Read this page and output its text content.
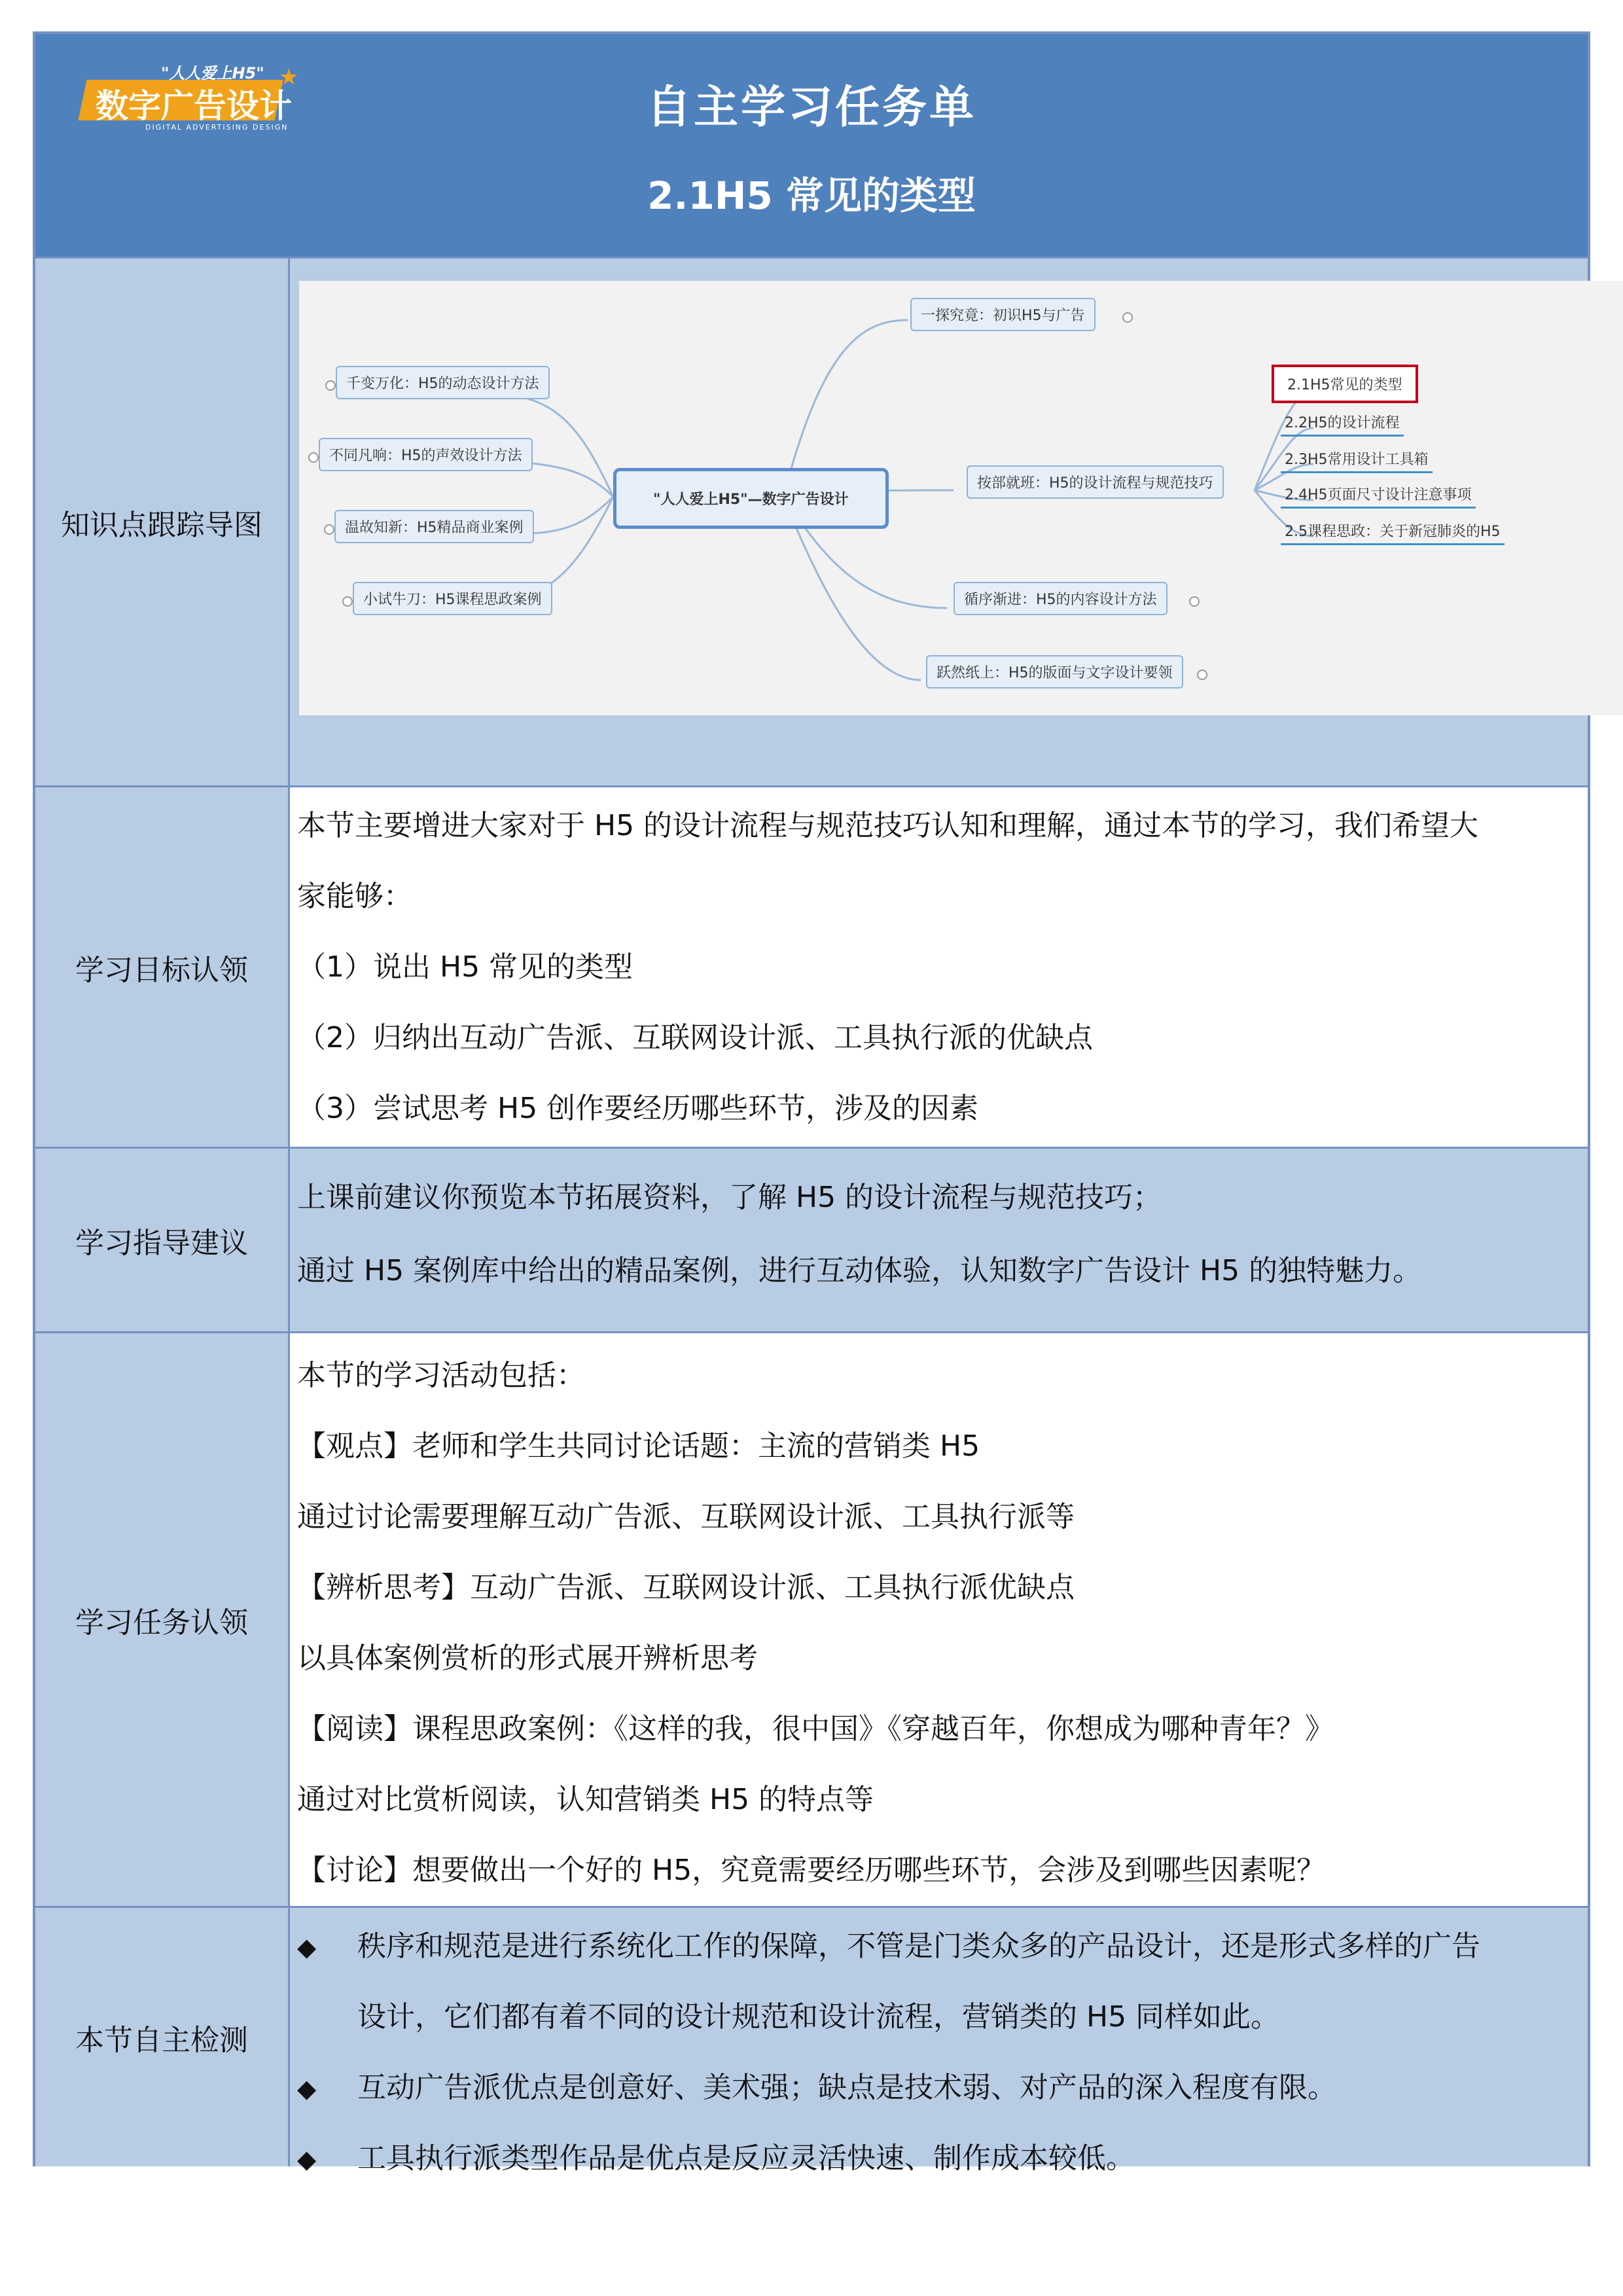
"人人爱上H5"
数字广告设计
DIGITAL ADVERTISING DESIGN
★
自主学习任务单
2.1H5 常见的类型
知识点跟踪导图
"人人爱上H5"—数字广告设计
千变万化：H5的动态设计方法
不同凡响：H5的声效设计方法
温故知新：H5精品商业案例
小试牛刀：H5课程思政案例
一探究竟：初识H5与广告
按部就班：H5的设计流程与规范技巧
循序渐进：H5的内容设计方法
跃然纸上：H5的版面与文字设计要领
2.1H5常见的类型
2.2H5的设计流程
2.3H5常用设计工具箱
2.4H5页面尺寸设计注意事项
2.5课程思政：关于新冠肺炎的H5
学习目标认领
本节主要增进大家对于 H5 的设计流程与规范技巧认知和理解，通过本节的学习，我们希望大
家能够：
（1）说出 H5 常见的类型
（2）归纳出互动广告派、互联网设计派、工具执行派的优缺点
（3）尝试思考 H5 创作要经历哪些环节，涉及的因素
学习指导建议
上课前建议你预览本节拓展资料，了解 H5 的设计流程与规范技巧；
通过 H5 案例库中给出的精品案例，进行互动体验，认知数字广告设计 H5 的独特魅力。
学习任务认领
本节的学习活动包括：
【观点】老师和学生共同讨论话题：主流的营销类 H5
通过讨论需要理解互动广告派、互联网设计派、工具执行派等
【辨析思考】互动广告派、互联网设计派、工具执行派优缺点
以具体案例赏析的形式展开辨析思考
【阅读】课程思政案例：《这样的我，很中国》《穿越百年，你想成为哪种青年？》
通过对比赏析阅读，认知营销类 H5 的特点等
【讨论】想要做出一个好的 H5，究竟需要经历哪些环节，会涉及到哪些因素呢？
本节自主检测
◆ 秩序和规范是进行系统化工作的保障，不管是门类众多的产品设计，还是形式多样的广告
设计，它们都有着不同的设计规范和设计流程，营销类的 H5 同样如此。
◆ 互动广告派优点是创意好、美术强；缺点是技术弱、对产品的深入程度有限。
◆ 工具执行派类型作品是优点是反应灵活快速、制作成本较低。
